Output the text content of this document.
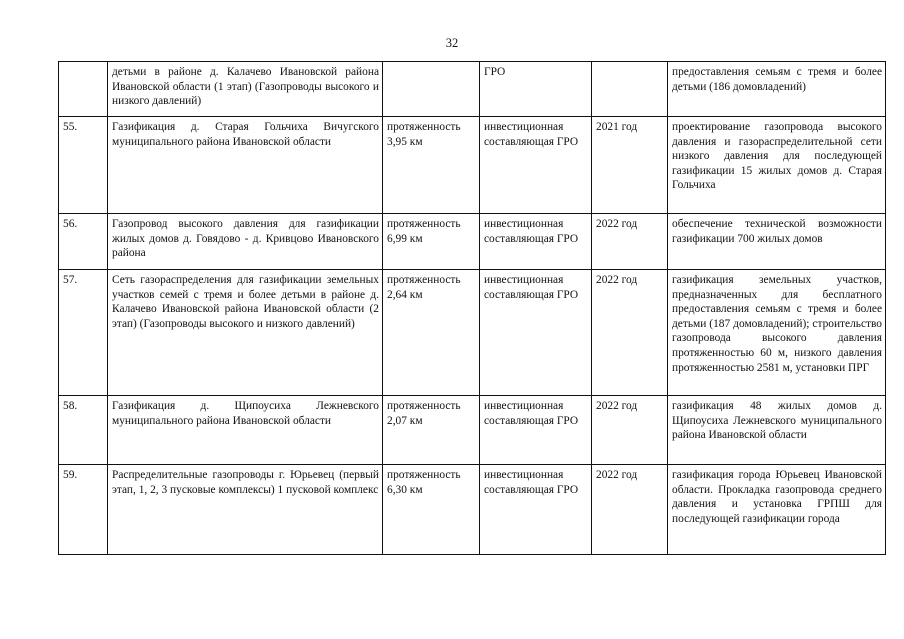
32
	детьми в районе д. Калачево Ивановской района Ивановской области (1 этап) (Газопроводы высокого и низкого давлений)		ГРО		предоставления семьям с тремя и более детьми (186 домовладений)
55.	Газификация д. Старая Гольчиха Вичугского муниципального района Ивановской области	протяженность 3,95 км	инвестиционная составляющая ГРО	2021 год	проектирование газопровода высокого давления и газораспределительной сети низкого давления для последующей газификации 15 жилых домов д. Старая Гольчиха
56.	Газопровод высокого давления для газификации жилых домов д. Говядово - д. Кривцово Ивановского района	протяженность 6,99 км	инвестиционная составляющая ГРО	2022 год	обеспечение технической возможности газификации 700 жилых домов
57.	Сеть газораспределения для газификации земельных участков семей с тремя и более детьми в районе д. Калачево Ивановской района Ивановской области (2 этап) (Газопроводы высокого и низкого давлений)	протяженность 2,64 км	инвестиционная составляющая ГРО	2022 год	газификация земельных участков, предназначенных для бесплатного предоставления семьям с тремя и более детьми (187 домовладений); строительство газопровода высокого давления протяженностью 60 м, низкого давления протяженностью 2581 м, установки ПРГ
58.	Газификация д. Щипоусиха Лежневского муниципального района Ивановской области	протяженность 2,07 км	инвестиционная составляющая ГРО	2022 год	газификация 48 жилых домов д. Щипоусиха Лежневского муниципального района Ивановской области
59.	Распределительные газопроводы г. Юрьевец (первый этап, 1, 2, 3 пусковые комплексы) 1 пусковой комплекс	протяженность 6,30 км	инвестиционная составляющая ГРО	2022 год	газификация города Юрьевец Ивановской области. Прокладка газопровода среднего давления и установка ГРПШ для последующей газификации города
